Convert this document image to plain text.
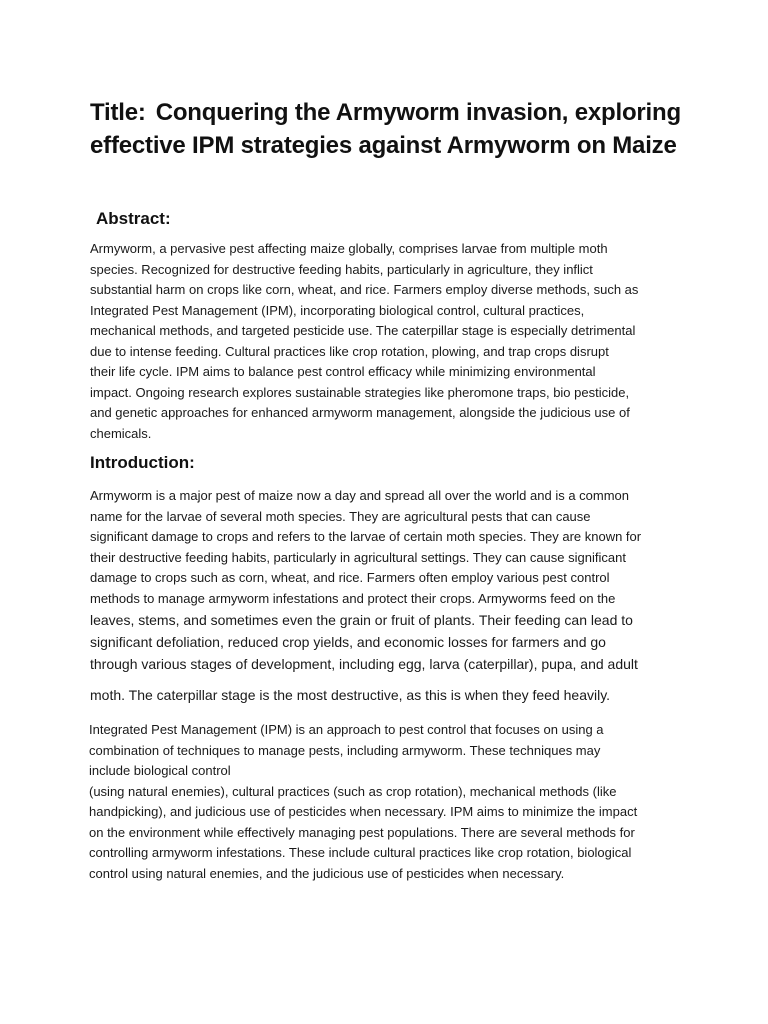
Title: Conquering the Armyworm invasion, exploring
effective IPM strategies against Armyworm on Maize
Abstract:

Armyworm, a pervasive pest affecting maize globally, comprises larvae from multiple moth
species. Recognized for destructive feeding habits, particularly in agriculture, they inflict
substantial harm on crops like corn, wheat, and rice. Farmers employ diverse methods, such as
Integrated Pest Management (IPM), incorporating biological control, cultural practices,
mechanical methods, and targeted pesticide use. The caterpillar stage is especially detrimental
due to intense feeding. Cultural practices like crop rotation, plowing, and trap crops disrupt
their life cycle. IPM aims to balance pest control efficacy while minimizing environmental
impact. Ongoing research explores sustainable strategies like pheromone traps, bio pesticide,
and genetic approaches for enhanced armyworm management, alongside the judicious use of
chemicals.

Introduction:

Armyworm is a major pest of maize now a day and spread all over the world and is a common
name for the larvae of several moth species. They are agricultural pests that can cause
significant damage to crops and refers to the larvae of certain moth species. They are known for
their destructive feeding habits, particularly in agricultural settings. They can cause significant
damage to crops such as corn, wheat, and rice. Farmers often employ various pest control
methods to manage armyworm infestations and protect their crops. Armyworms feed on the

leaves, stems, and sometimes even the grain or fruit of plants. Their feeding can lead to
significant defoliation, reduced crop yields, and economic losses for farmers and go
through various stages of development, including egg, larva (caterpillar), pupa, and adult

moth. The caterpillar stage is the most destructive, as this is when they feed heavily.

Integrated Pest Management (IPM) is an approach to pest control that focuses on using a
combination of techniques to manage pests, including armyworm. These techniques may
include biological control
(using natural enemies), cultural practices (such as crop rotation), mechanical methods (like
handpicking), and judicious use of pesticides when necessary. IPM aims to minimize the impact
on the environment while effectively managing pest populations. There are several methods for
controlling armyworm infestations. These include cultural practices like crop rotation, biological
control using natural enemies, and the judicious use of pesticides when necessary.
